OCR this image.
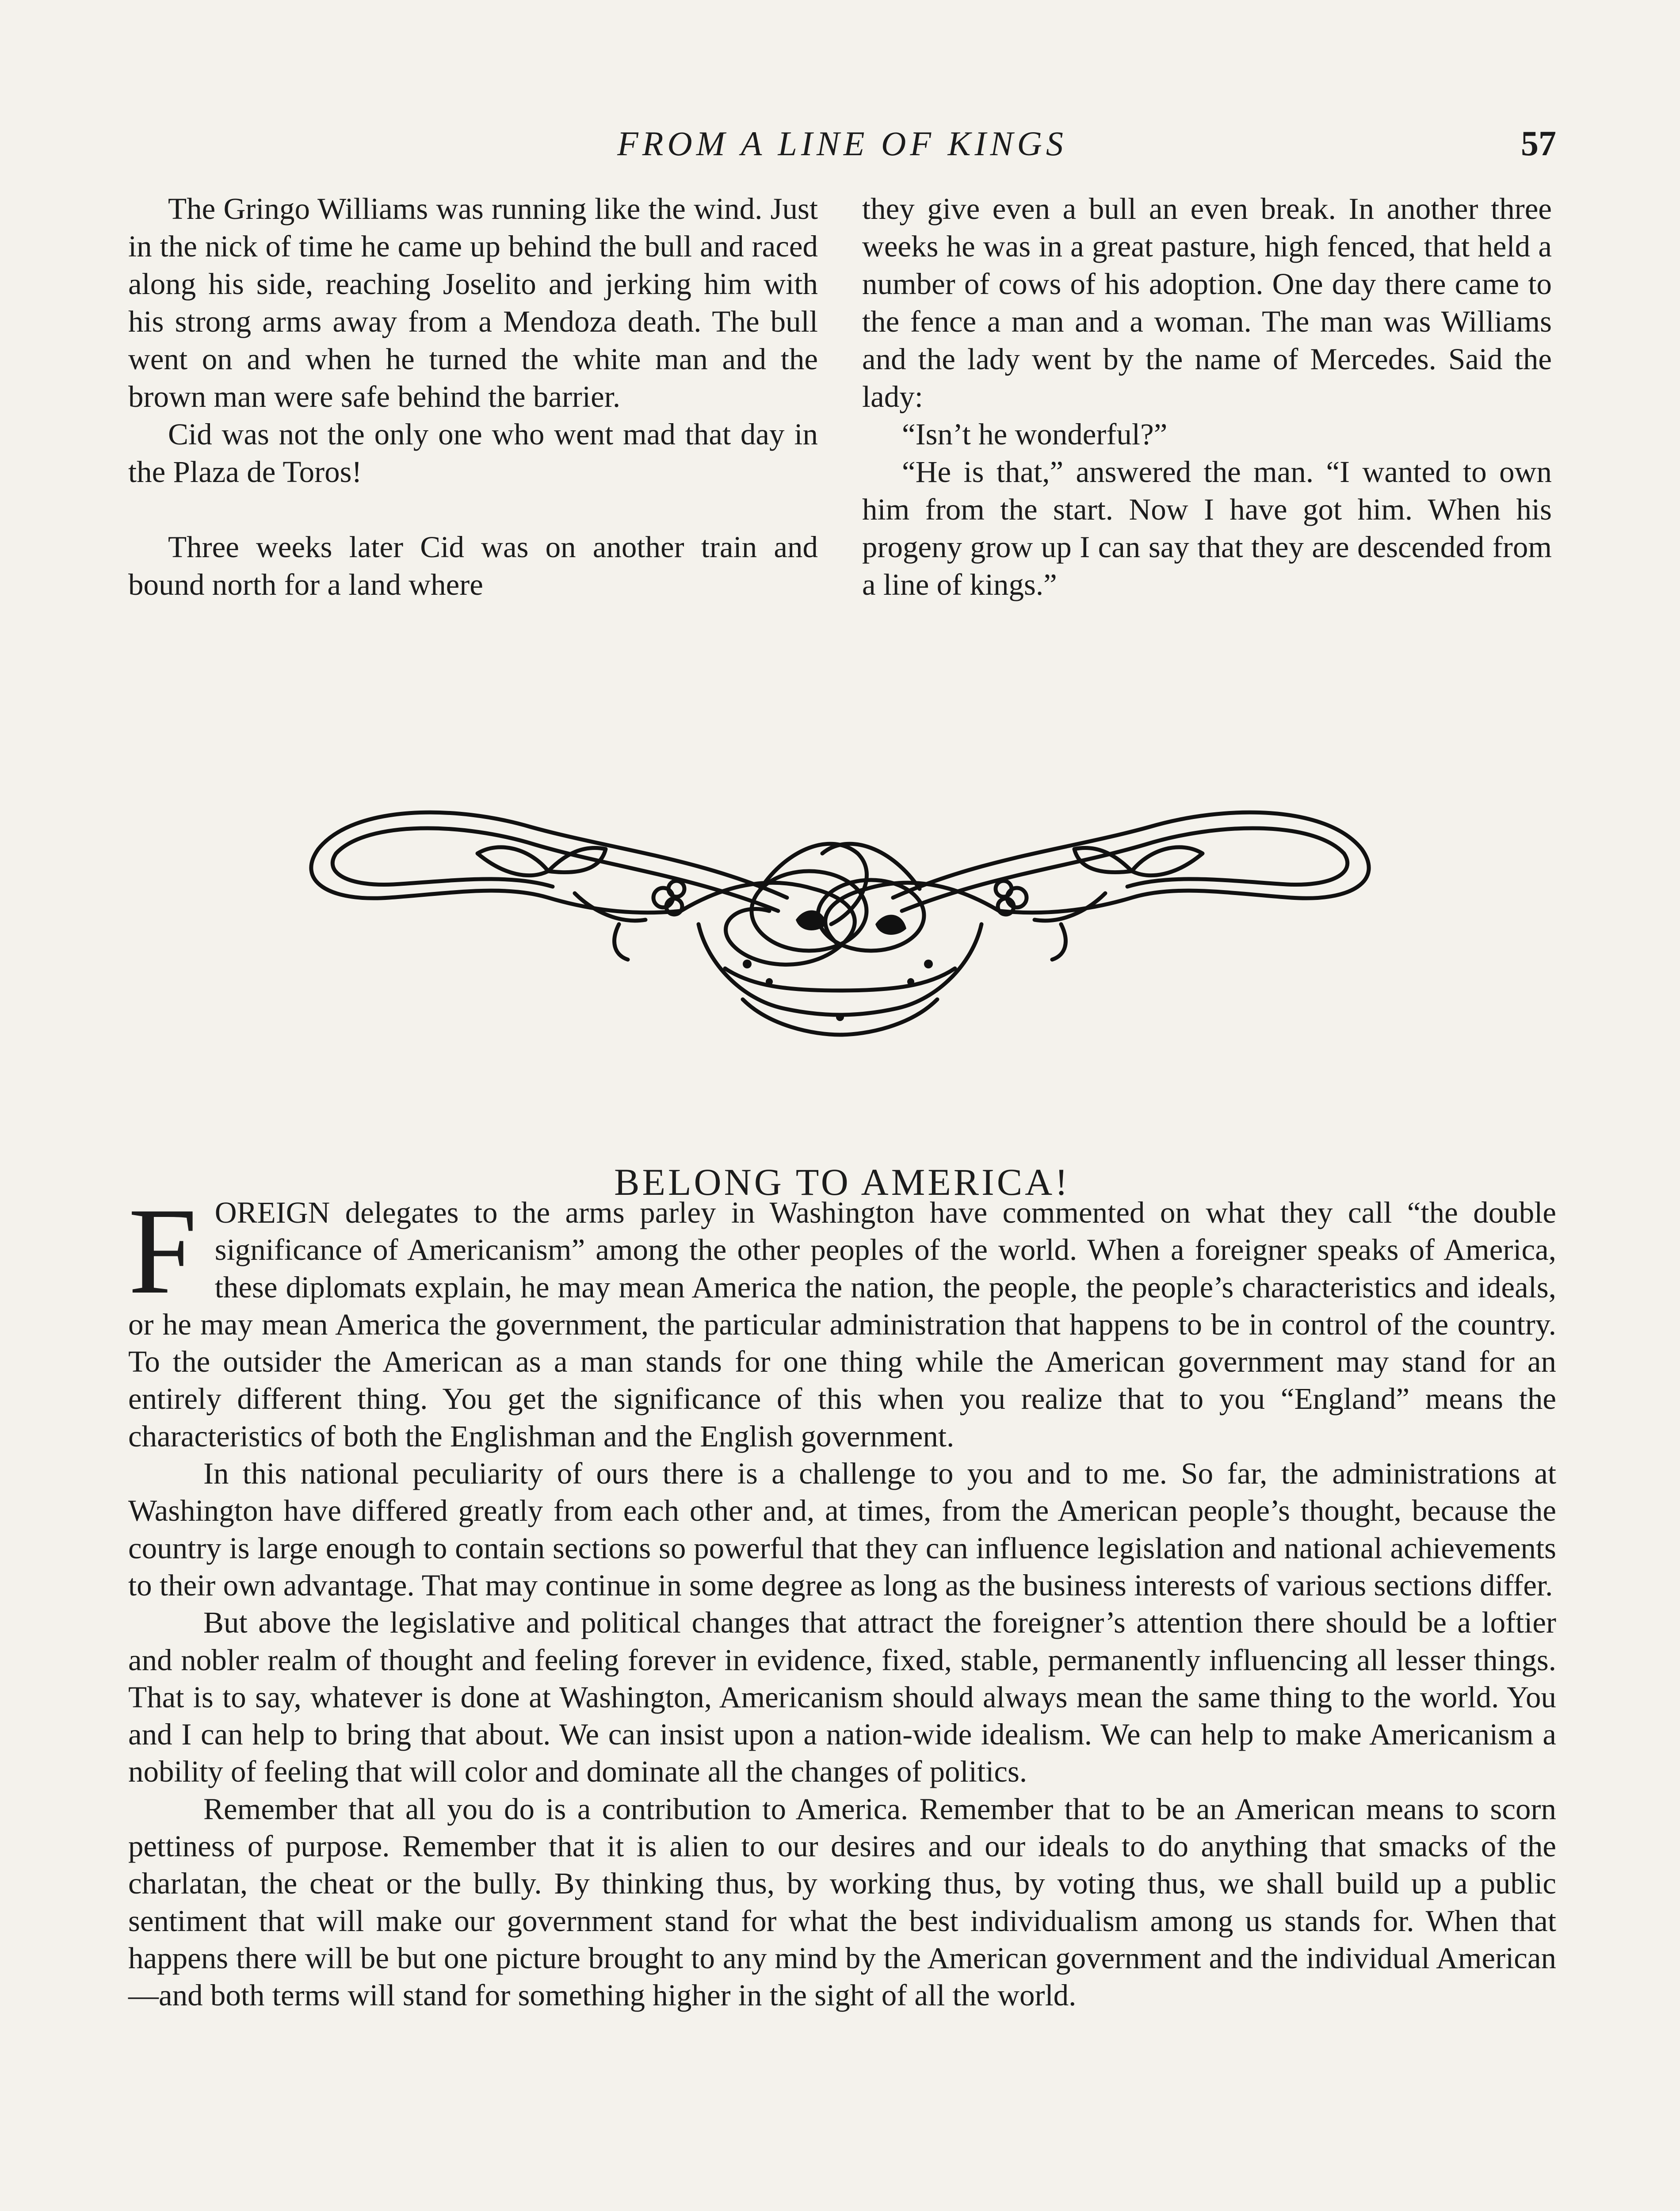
FROM A LINE OF KINGS	57

The Gringo Williams was running like the wind. Just in the nick of time he came up behind the bull and raced along his side, reaching Joselito and jerking him with his strong arms away from a Mendoza death. The bull went on and when he turned the white man and the brown man were safe behind the barrier.

Cid was not the only one who went mad that day in the Plaza de Toros!

Three weeks later Cid was on another train and bound north for a land where

they give even a bull an even break. In another three weeks he was in a great pasture, high fenced, that held a number of cows of his adoption. One day there came to the fence a man and a woman. The man was Williams and the lady went by the name of Mercedes. Said the lady:

“Isn’t he wonderful?”

“He is that,” answered the man. “I wanted to own him from the start. Now I have got him. When his progeny grow up I can say that they are descended from a line of kings.”

BELONG TO AMERICA!

FOREIGN delegates to the arms parley in Washington have commented on what they call “the double significance of Americanism” among the other peoples of the world. When a foreigner speaks of America, these diplomats explain, he may mean America the nation, the people, the people’s characteristics and ideals, or he may mean America the government, the particular administration that happens to be in control of the country. To the outsider the American as a man stands for one thing while the American government may stand for an entirely different thing. You get the significance of this when you realize that to you “England” means the characteristics of both the Englishman and the English government.

In this national peculiarity of ours there is a challenge to you and to me. So far, the administrations at Washington have differed greatly from each other and, at times, from the American people’s thought, because the country is large enough to contain sections so powerful that they can influence legislation and national achievements to their own advantage. That may continue in some degree as long as the business interests of various sections differ.

But above the legislative and political changes that attract the foreigner’s attention there should be a loftier and nobler realm of thought and feeling forever in evidence, fixed, stable, permanently influencing all lesser things. That is to say, whatever is done at Washington, Americanism should always mean the same thing to the world. You and I can help to bring that about. We can insist upon a nation-wide idealism. We can help to make Americanism a nobility of feeling that will color and dominate all the changes of politics.

Remember that all you do is a contribution to America. Remember that to be an American means to scorn pettiness of purpose. Remember that it is alien to our desires and our ideals to do anything that smacks of the charlatan, the cheat or the bully. By thinking thus, by working thus, by voting thus, we shall build up a public sentiment that will make our government stand for what the best individualism among us stands for. When that happens there will be but one picture brought to any mind by the American government and the individual American—and both terms will stand for something higher in the sight of all the world.
